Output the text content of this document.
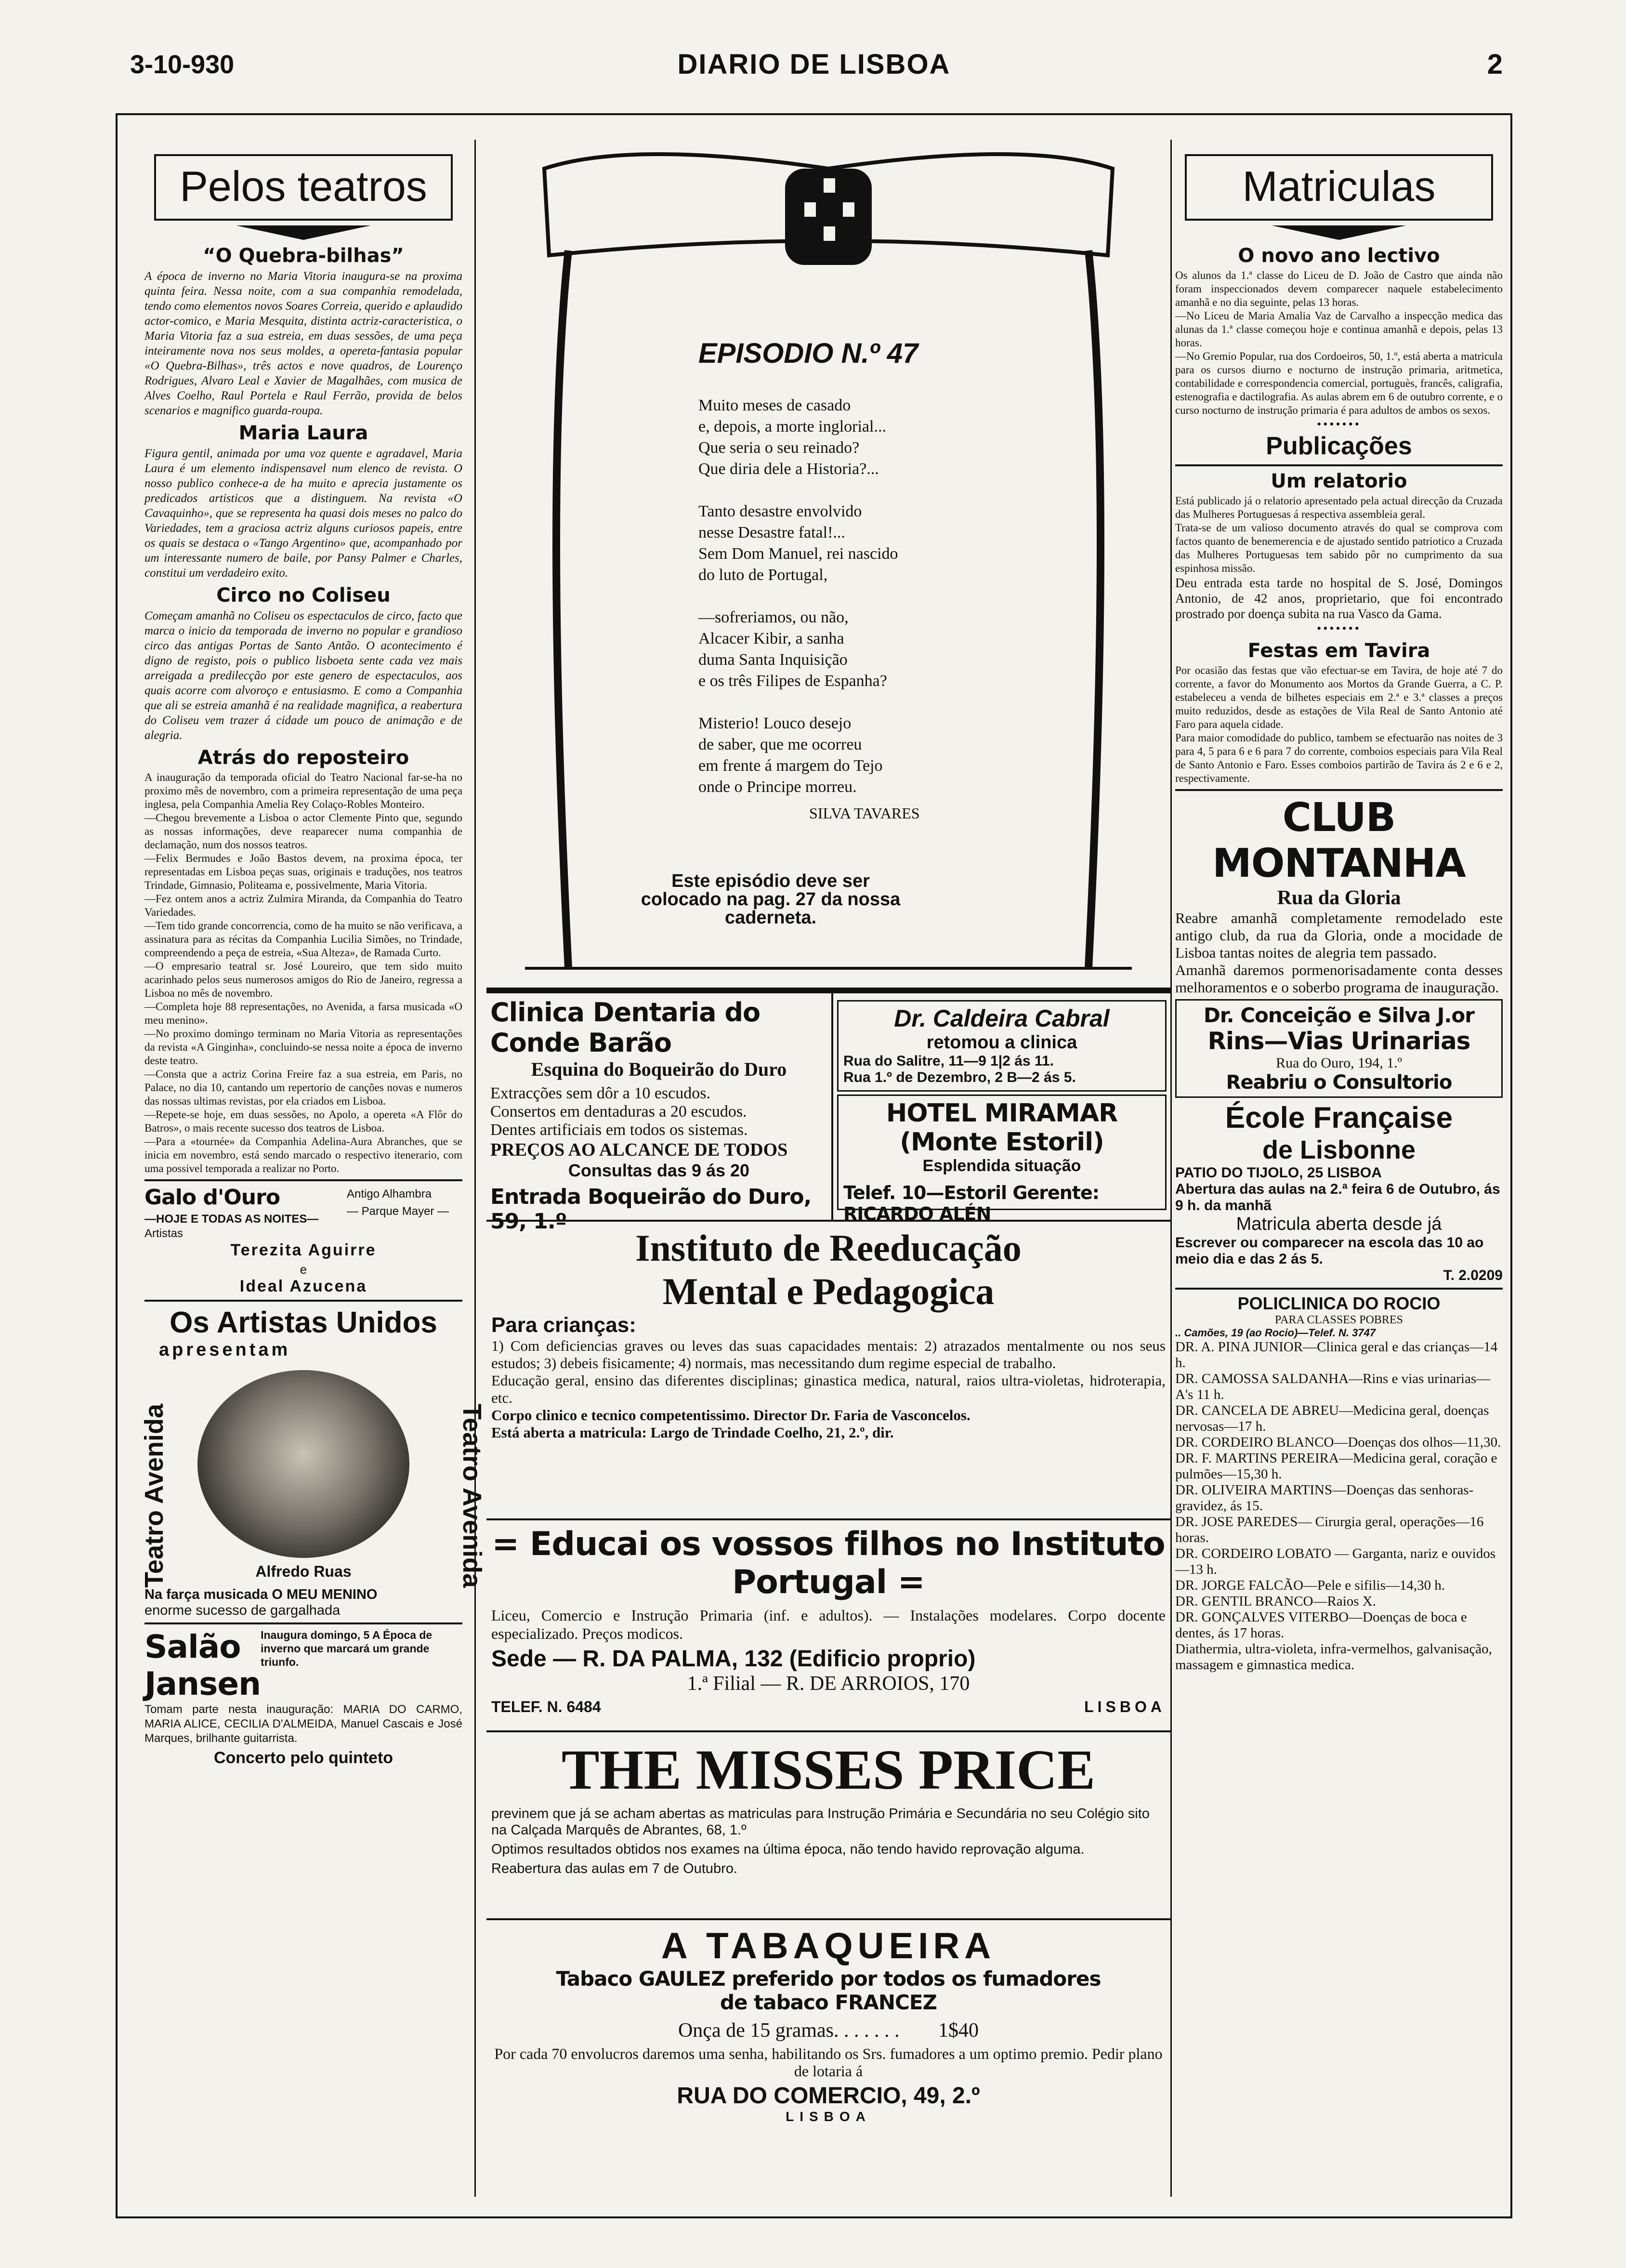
3-10-930	DIARIO DE LISBOA	2
Pelos teatros
“O Quebra-bilhas”

A época de inverno no Maria Vitoria inaugura-se na proxima quinta feira. Nessa noite, com a sua companhia remodelada, tendo como elementos novos Soares Correia, querido e aplaudido actor-comico, e Maria Mesquita, distinta actriz-caracteristica, o Maria Vitoria faz a sua estreia, em duas sessões, de uma peça inteiramente nova nos seus moldes, a opereta-fantasia popular «O Quebra-Bilhas», três actos e nove quadros, de Lourenço Rodrigues, Alvaro Leal e Xavier de Magalhães, com musica de Alves Coelho, Raul Portela e Raul Ferrão, provida de belos scenarios e magnifico guarda-roupa.

Maria Laura

Figura gentil, animada por uma voz quente e agradavel, Maria Laura é um elemento indispensavel num elenco de revista. O nosso publico conhece-a de ha muito e aprecia justamente os predicados artisticos que a distinguem. Na revista «O Cavaquinho», que se representa ha quasi dois meses no palco do Variedades, tem a graciosa actriz alguns curiosos papeis, entre os quais se destaca o «Tango Argentino» que, acompanhado por um interessante numero de baile, por Pansy Palmer e Charles, constitui um verdadeiro exito.

Circo no Coliseu

Começam amanhã no Coliseu os espectaculos de circo, facto que marca o inicio da temporada de inverno no popular e grandioso circo das antigas Portas de Santo Antão. O acontecimento é digno de registo, pois o publico lisboeta sente cada vez mais arreigada a predilecção por este genero de espectaculos, aos quais acorre com alvoroço e entusiasmo. E como a Companhia que ali se estreia amanhã é na realidade magnifica, a reabertura do Coliseu vem trazer á cidade um pouco de animação e de alegria.

Atrás do reposteiro

A inauguração da temporada oficial do Teatro Nacional far-se-ha no proximo mês de novembro, com a primeira representação de uma peça inglesa, pela Companhia Amelia Rey Colaço-Robles Monteiro.
—Chegou brevemente a Lisboa o actor Clemente Pinto que, segundo as nossas informações, deve reaparecer numa companhia de declamação, num dos nossos teatros.
—Felix Bermudes e João Bastos devem, na proxima época, ter representadas em Lisboa peças suas, originais e traduções, nos teatros Trindade, Gimnasio, Politeama e, possivelmente, Maria Vitoria.
—Fez ontem anos a actriz Zulmira Miranda, da Companhia do Teatro Variedades.
—Tem tido grande concorrencia, como de ha muito se não verificava, a assinatura para as récitas da Companhia Lucilia Simões, no Trindade, compreendendo a peça de estreia, «Sua Alteza», de Ramada Curto.
—O empresario teatral sr. José Loureiro, que tem sido muito acarinhado pelos seus numerosos amigos do Rio de Janeiro, regressa a Lisboa no mês de novembro.
—Completa hoje 88 representações, no Avenida, a farsa musicada «O meu menino».
—No proximo domingo terminam no Maria Vitoria as representações da revista «A Ginginha», concluindo-se nessa noite a época de inverno deste teatro.
—Consta que a actriz Corina Freire faz a sua estreia, em Paris, no Palace, no dia 10, cantando um repertorio de canções novas e numeros das nossas ultimas revistas, por ela criados em Lisboa.
—Repete-se hoje, em duas sessões, no Apolo, a opereta «A Flôr do Batros», o mais recente sucesso dos teatros de Lisboa.
—Para a «tournée» da Companhia Adelina-Aura Abranches, que se inicia em novembro, está sendo marcado o respectivo itenerario, com uma possivel temporada a realizar no Porto.

Galo d'Ouro
—HOJE E TODAS AS NOITES—
Artistas
Antigo Alhambra
— Parque Mayer —
Terezita Aguirre
e
Ideal Azucena
Os Artistas Unidos
apresentam
Teatro Avenida	Teatro Avenida
Alfredo Ruas
Na farça musicada O MEU MENINO
enorme sucesso de gargalhada
Salão Jansen
Inaugura domingo, 5 A Época de inverno que marcará um grande triunfo.
Tomam parte nesta inauguração: MARIA DO CARMO, MARIA ALICE, CECILIA D'ALMEIDA, Manuel Cascais e José Marques, brilhante guitarrista.
Concerto pelo quinteto
EPISODIO N.º 47
Muito meses de casado
e, depois, a morte inglorial...
Que seria o seu reinado?
Que diria dele a Historia?...
Tanto desastre envolvido
nesse Desastre fatal!...
Sem Dom Manuel, rei nascido
do luto de Portugal,
—sofreriamos, ou não,
Alcacer Kibir, a sanha
duma Santa Inquisição
e os três Filipes de Espanha?
Misterio! Louco desejo
de saber, que me ocorreu
em frente á margem do Tejo
onde o Principe morreu.
SILVA TAVARES
Este episódio deve ser colocado na pag. 27 da nossa caderneta.
Clinica Dentaria do Conde Barão
Esquina do Boqueirão do Duro
Extracções sem dôr a 10 escudos.
Consertos em dentaduras a 20 escudos.
Dentes artificiais em todos os sistemas.
PREÇOS AO ALCANCE DE TODOS
Consultas das 9 ás 20
Entrada Boqueirão do Duro, 59, 1.º
Dr. Caldeira Cabral
retomou a clinica
Rua do Salitre, 11—9 1|2 ás 11.
Rua 1.º de Dezembro, 2 B—2 ás 5.
HOTEL MIRAMAR (Monte Estoril)
Esplendida situação
Telef. 10—Estoril Gerente: RICARDO ALÉN
Instituto de Reeducação
Mental e Pedagogica
Para crianças:

1) Com deficiencias graves ou leves das suas capacidades mentais: 2) atrazados mentalmente ou nos seus estudos; 3) debeis fisicamente; 4) normais, mas necessitando dum regime especial de trabalho.

Educação geral, ensino das diferentes disciplinas; ginastica medica, natural, raios ultra-violetas, hidroterapia, etc.

Corpo clinico e tecnico competentissimo. Director Dr. Faria de Vasconcelos.

Está aberta a matricula: Largo de Trindade Coelho, 21, 2.º, dir.

= Educai os vossos filhos no Instituto Portugal =

Liceu, Comercio e Instrução Primaria (inf. e adultos). — Instalações modelares. Corpo docente especializado. Preços modicos.

Sede — R. DA PALMA, 132 (Edificio proprio)
1.ª Filial — R. DE ARROIOS, 170
TELEF. N. 6484	LISBOA
THE MISSES PRICE

previnem que já se acham abertas as matriculas para Instrução Primária e Secundária no seu Colégio sito na Calçada Marquês de Abrantes, 68, 1.º

Optimos resultados obtidos nos exames na última época, não tendo havido reprovação alguma.

Reabertura das aulas em 7 de Outubro.

A TABAQUEIRA
Tabaco GAULEZ preferido por todos os fumadores
de tabaco FRANCEZ
Onça de 15 gramas. . . . . . . 1$40

Por cada 70 envolucros daremos uma senha, habilitando os Srs. fumadores a um optimo premio. Pedir plano de lotaria á

RUA DO COMERCIO, 49, 2.º
LISBOA
Matriculas
O novo ano lectivo

Os alunos da 1.ª classe do Liceu de D. João de Castro que ainda não foram inspeccionados devem comparecer naquele estabelecimento amanhã e no dia seguinte, pelas 13 horas.
—No Liceu de Maria Amalia Vaz de Carvalho a inspecção medica das alunas da 1.ª classe começou hoje e continua amanhã e depois, pelas 13 horas.
—No Gremio Popular, rua dos Cordoeiros, 50, 1.º, está aberta a matricula para os cursos diurno e nocturno de instrução primaria, aritmetica, contabilidade e correspondencia comercial, portuguès, francês, caligrafia, estenografia e dactilografia. As aulas abrem em 6 de outubro corrente, e o curso nocturno de instrução primaria é para adultos de ambos os sexos.

•••••••
Publicações
Um relatorio

Está publicado já o relatorio apresentado pela actual direcção da Cruzada das Mulheres Portuguesas á respectiva assembleia geral.
Trata-se de um valioso documento através do qual se comprova com factos quanto de benemerencia e de ajustado sentido patriotico a Cruzada das Mulheres Portuguesas tem sabido pôr no cumprimento da sua espinhosa missão.

Deu entrada esta tarde no hospital de S. José, Domingos Antonio, de 42 anos, proprietario, que foi encontrado prostrado por doença subita na rua Vasco da Gama.

•••••••
Festas em Tavira

Por ocasião das festas que vão efectuar-se em Tavira, de hoje até 7 do corrente, a favor do Monumento aos Mortos da Grande Guerra, a C. P. estabeleceu a venda de bilhetes especiais em 2.ª e 3.ª classes a preços muito reduzidos, desde as estações de Vila Real de Santo Antonio até Faro para aquela cidade.
Para maior comodidade do publico, tambem se efectuarão nas noites de 3 para 4, 5 para 6 e 6 para 7 do corrente, comboios especiais para Vila Real de Santo Antonio e Faro. Esses comboios partirão de Tavira ás 2 e 6 e 2, respectivamente.

CLUB MONTANHA
Rua da Gloria

Reabre amanhã completamente remodelado este antigo club, da rua da Gloria, onde a mocidade de Lisboa tantas noites de alegria tem passado.
Amanhã daremos pormenorisadamente conta desses melhoramentos e o soberbo programa de inauguração.

Dr. Conceição e Silva J.or
Rins—Vias Urinarias
Rua do Ouro, 194, 1.º
Reabriu o Consultorio
École Française
de Lisbonne
PATIO DO TIJOLO, 25 LISBOA
Abertura das aulas na 2.ª feira 6 de Outubro, ás 9 h. da manhã
Matricula aberta desde já
Escrever ou comparecer na escola das 10 ao meio dia e das 2 ás 5.
T. 2.0209
POLICLINICA DO ROCIO
PARA CLASSES POBRES
.. Camões, 19 (ao Rocio)—Telef. N. 3747
DR. A. PINA JUNIOR—Clinica geral e das crianças—14 h.
DR. CAMOSSA SALDANHA—Rins e vias urinarias—A's 11 h.
DR. CANCELA DE ABREU—Medicina geral, doenças nervosas—17 h.
DR. CORDEIRO BLANCO—Doenças dos olhos—11,30.
DR. F. MARTINS PEREIRA—Medicina geral, coração e pulmões—15,30 h.
DR. OLIVEIRA MARTINS—Doenças das senhoras-gravidez, ás 15.
DR. JOSE PAREDES— Cirurgia geral, operações—16 horas.
DR. CORDEIRO LOBATO — Garganta, nariz e ouvidos—13 h.
DR. JORGE FALCÃO—Pele e sifilis—14,30 h.
DR. GENTIL BRANCO—Raios X.
DR. GONÇALVES VITERBO—Doenças de boca e dentes, ás 17 horas.
Diathermia, ultra-violeta, infra-vermelhos, galvanisação, massagem e gimnastica medica.
